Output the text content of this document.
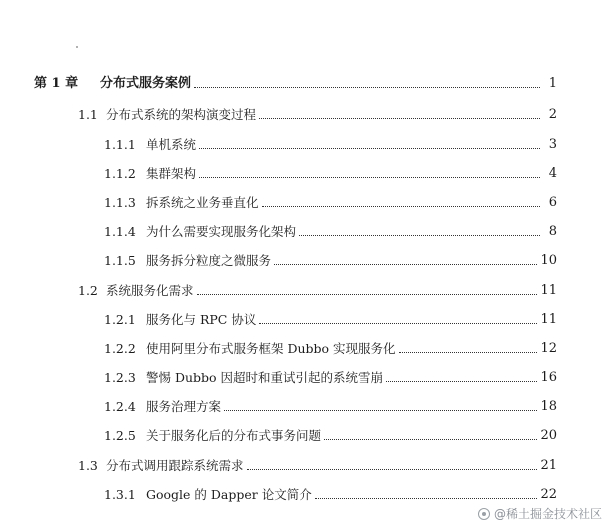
第 1 章	分布式服务案例	1
1.1 分布式系统的架构演变过程	2
1.1.1 单机系统	3
1.1.2 集群架构	4
1.1.3 拆系统之业务垂直化	6
1.1.4 为什么需要实现服务化架构	8
1.1.5 服务拆分粒度之微服务	10
1.2 系统服务化需求	11
1.2.1 服务化与 RPC 协议	11
1.2.2 使用阿里分布式服务框架 Dubbo 实现服务化	12
1.2.3 警惕 Dubbo 因超时和重试引起的系统雪崩	16
1.2.4 服务治理方案	18
1.2.5 关于服务化后的分布式事务问题	20
1.3 分布式调用跟踪系统需求	21
1.3.1 Google 的 Dapper 论文简介	22
@稀土掘金技术社区
